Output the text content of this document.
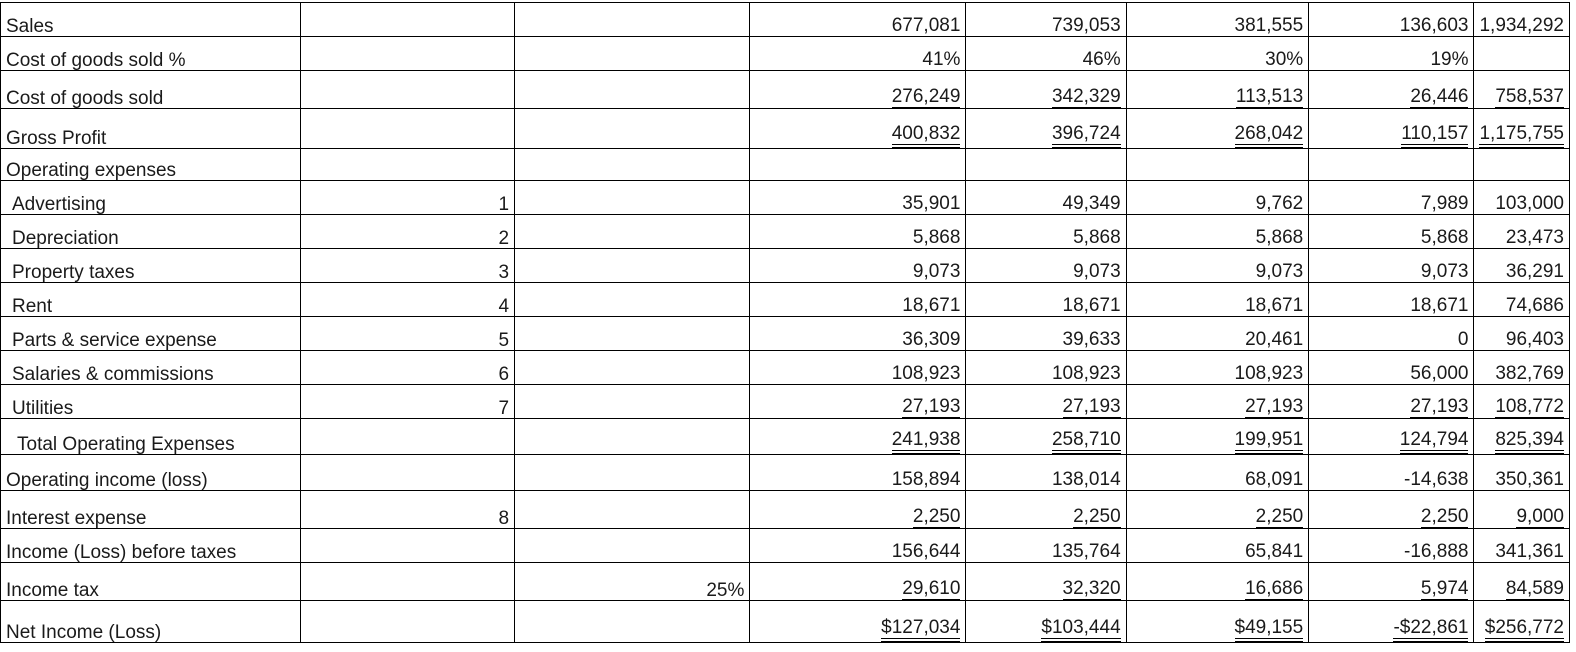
Sales			677,081	739,053	381,555	136,603	1,934,292
Cost of goods sold %			41%	46%	30%	19%	
Cost of goods sold			276,249	342,329	113,513	26,446	758,537
Gross Profit			400,832	396,724	268,042	110,157	1,175,755
Operating expenses							
Advertising	1		35,901	49,349	9,762	7,989	103,000
Depreciation	2		5,868	5,868	5,868	5,868	23,473
Property taxes	3		9,073	9,073	9,073	9,073	36,291
Rent	4		18,671	18,671	18,671	18,671	74,686
Parts & service expense	5		36,309	39,633	20,461	0	96,403
Salaries & commissions	6		108,923	108,923	108,923	56,000	382,769
Utilities	7		27,193	27,193	27,193	27,193	108,772
Total Operating Expenses			241,938	258,710	199,951	124,794	825,394
Operating income (loss)			158,894	138,014	68,091	-14,638	350,361
Interest expense	8		2,250	2,250	2,250	2,250	9,000
Income (Loss) before taxes			156,644	135,764	65,841	-16,888	341,361
Income tax		25%	29,610	32,320	16,686	5,974	84,589
Net Income (Loss)			$127,034	$103,444	$49,155	-$22,861	$256,772
